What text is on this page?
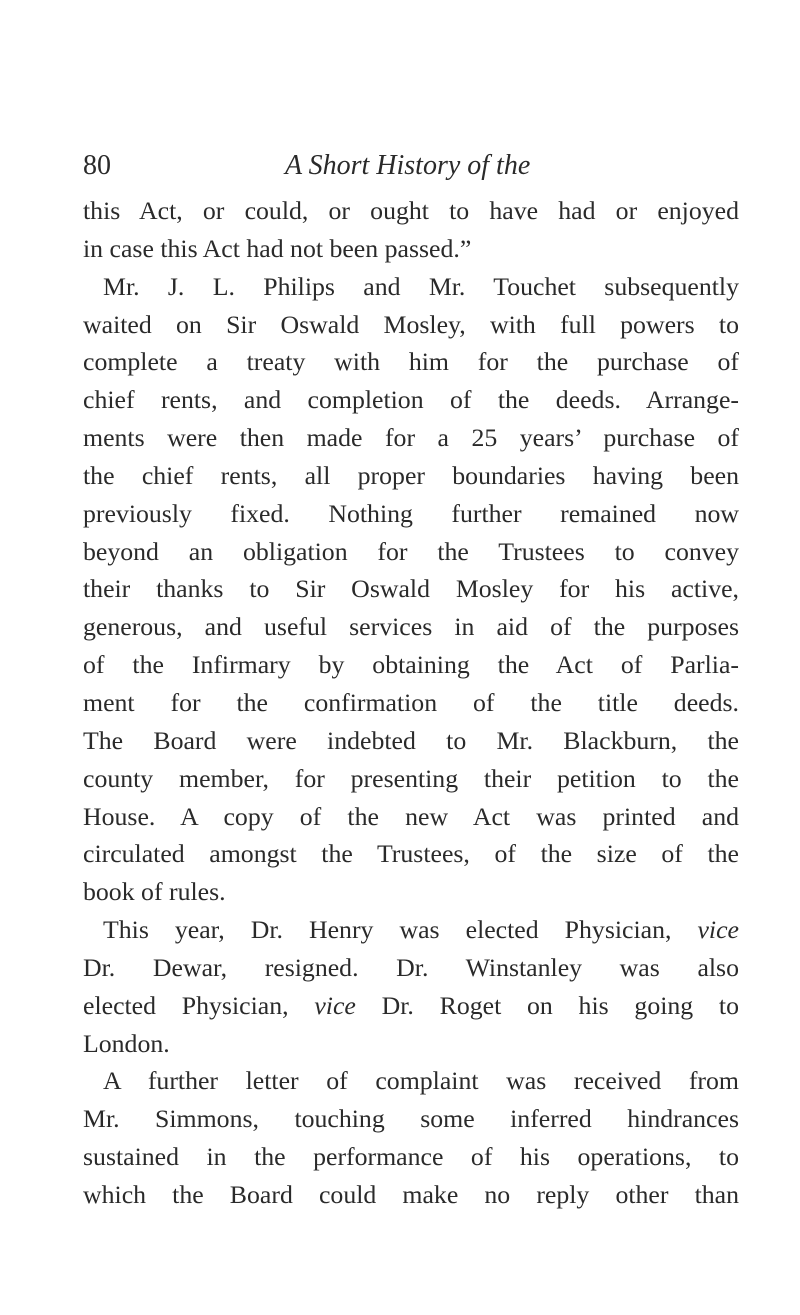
80	A Short History of the
this Act, or could, or ought to have had or enjoyed
in case this Act had not been passed.”
Mr. J. L. Philips and Mr. Touchet subsequently
waited on Sir Oswald Mosley, with full powers to
complete a treaty with him for the purchase of
chief rents, and completion of the deeds. Arrange-
ments were then made for a 25 years’ purchase of
the chief rents, all proper boundaries having been
previously fixed. Nothing further remained now
beyond an obligation for the Trustees to convey
their thanks to Sir Oswald Mosley for his active,
generous, and useful services in aid of the purposes
of the Infirmary by obtaining the Act of Parlia-
ment for the confirmation of the title deeds.
The Board were indebted to Mr. Blackburn, the
county member, for presenting their petition to the
House. A copy of the new Act was printed and
circulated amongst the Trustees, of the size of the
book of rules.
This year, Dr. Henry was elected Physician, vice
Dr. Dewar, resigned. Dr. Winstanley was also
elected Physician, vice Dr. Roget on his going to
London.
A further letter of complaint was received from
Mr. Simmons, touching some inferred hindrances
sustained in the performance of his operations, to
which the Board could make no reply other than
